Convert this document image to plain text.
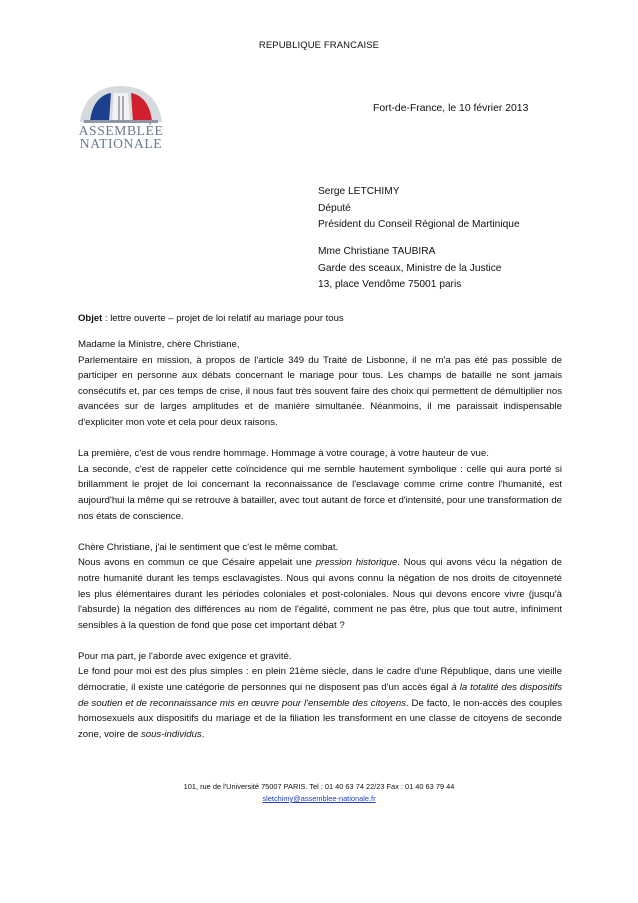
REPUBLIQUE FRANCAISE
ASSEMBLÉE
NATIONALE
Fort-de-France, le 10 février 2013
Serge LETCHIMY
Député
Président du Conseil Régional de Martinique
Mme Christiane TAUBIRA
Garde des sceaux, Ministre de la Justice
13, place Vendôme 75001 paris
Objet : lettre ouverte – projet de loi relatif au mariage pour tous

Madame la Ministre, chère Christiane,
Parlementaire en mission, à propos de l'article 349 du Traité de Lisbonne, il ne m'a pas été pas possible de participer en personne aux débats concernant le mariage pour tous. Les champs de bataille ne sont jamais consécutifs et, par ces temps de crise, il nous faut très souvent faire des choix qui permettent de démultiplier nos avancées sur de larges amplitudes et de manière simultanée. Néanmoins, il me paraissait indispensable d'expliciter mon vote et cela pour deux raisons.

La première, c'est de vous rendre hommage. Hommage à votre courage, à votre hauteur de vue.
La seconde, c'est de rappeler cette coïncidence qui me semble hautement symbolique : celle qui aura porté si brillamment le projet de loi concernant la reconnaissance de l'esclavage comme crime contre l'humanité, est aujourd'hui la même qui se retrouve à batailler, avec tout autant de force et d'intensité, pour une transformation de nos états de conscience.

Chère Christiane, j'ai le sentiment que c'est le même combat.
Nous avons en commun ce que Césaire appelait une pression historique. Nous qui avons vécu la négation de notre humanité durant les temps esclavagistes. Nous qui avons connu la négation de nos droits de citoyenneté les plus élémentaires durant les périodes coloniales et post-coloniales. Nous qui devons encore vivre (jusqu'à l'absurde) la négation des différences au nom de l'égalité, comment ne pas être, plus que tout autre, infiniment sensibles à la question de fond que pose cet important débat ?

Pour ma part, je l'aborde avec exigence et gravité.
Le fond pour moi est des plus simples : en plein 21ème siècle, dans le cadre d'une République, dans une vieille démocratie, il existe une catégorie de personnes qui ne disposent pas d'un accès égal à la totalité des dispositifs de soutien et de reconnaissance mis en œuvre pour l'ensemble des citoyens. De facto, le non-accès des couples homosexuels aux dispositifs du mariage et de la filiation les transforment en une classe de citoyens de seconde zone, voire de sous-individus.

101, rue de l'Université 75007 PARIS. Tel : 01 40 63 74 22/23 Fax : 01 40 63 79 44
sletchimy@assemblee-nationale.fr
